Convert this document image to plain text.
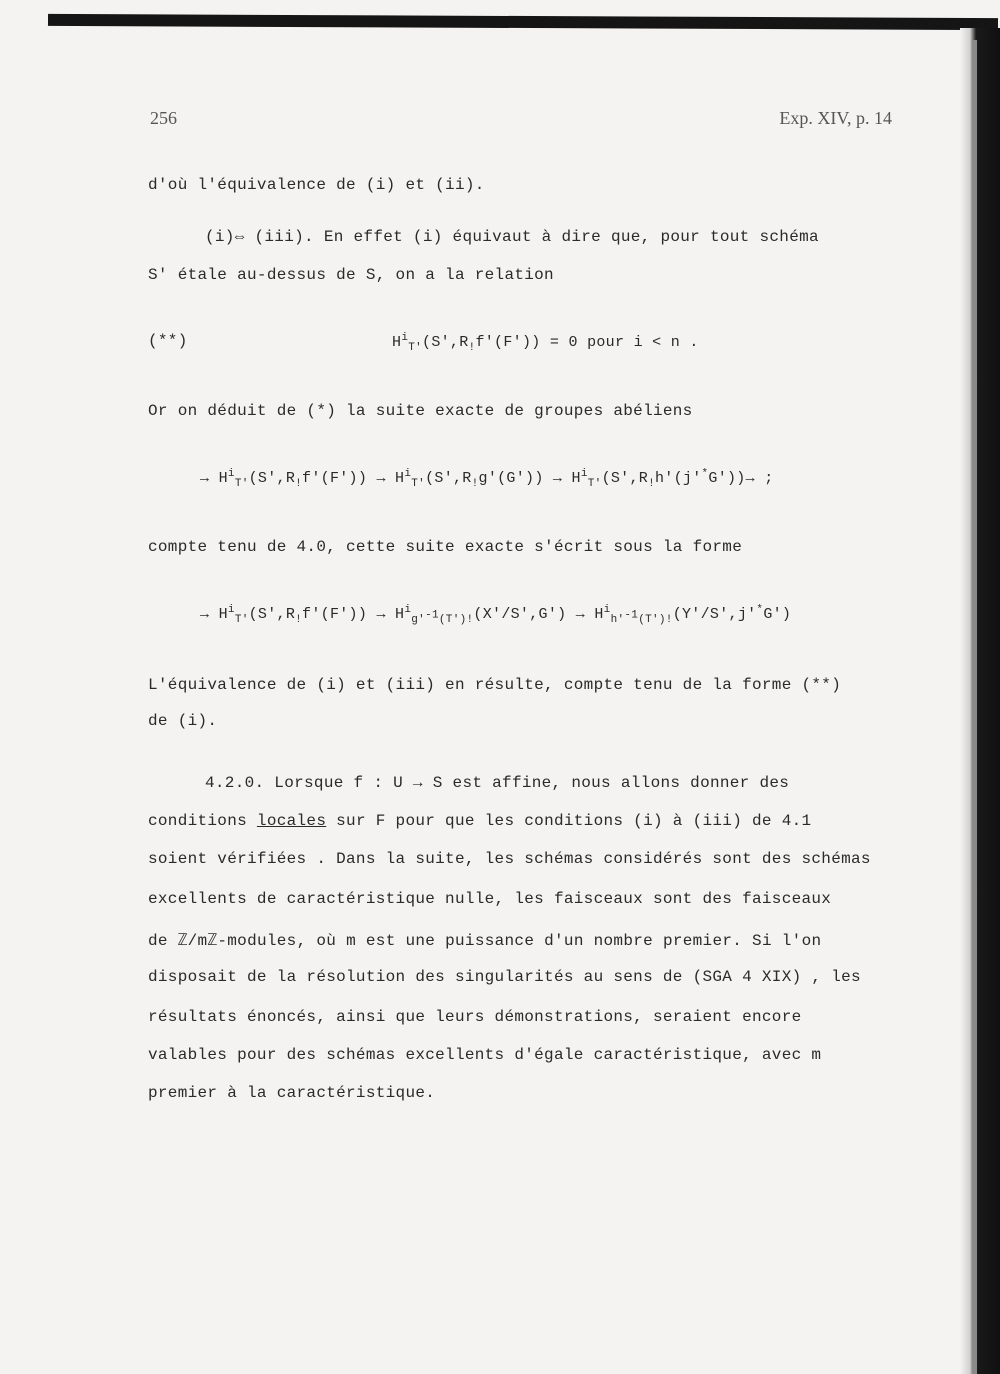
256	Exp. XIV, p. 14
d'où l'équivalence de (i) et (ii).
(i)⇔ (iii). En effet (i) équivaut à dire que, pour tout schéma
S' étale au-dessus de S, on a la relation
(**)	$H^i_{T'}(S',R_!f'(F')) = 0$ pour i < n .
Or on déduit de (*) la suite exacte de groupes abéliens
→ $H^i_{T'}(S',R_!f'(F')) \to H^i_{T'}(S',R_!g'(G')) \to H^i_{T'}(S',R_!h'(j'^*G'))\to$ ;
compte tenu de 4.0, cette suite exacte s'écrit sous la forme
→ $H^i_{T'}(S',R_!f'(F')) \to H^i_{g'^{-1}(T')!}(X'/S',G') \to H^i_{h'^{-1}(T')!}(Y'/S',j'^*G')$
L'équivalence de (i) et (iii) en résulte, compte tenu de la forme (**)
de (i).
4.2.0. Lorsque f : U → S est affine, nous allons donner des
conditions locales sur F pour que les conditions (i) à (iii) de 4.1
soient vérifiées . Dans la suite, les schémas considérés sont des schémas
excellents de caractéristique nulle, les faisceaux sont des faisceaux
de ℤ/mℤ-modules, où m est une puissance d'un nombre premier. Si l'on
disposait de la résolution des singularités au sens de (SGA 4 XIX) , les
résultats énoncés, ainsi que leurs démonstrations, seraient encore
valables pour des schémas excellents d'égale caractéristique, avec m
premier à la caractéristique.
